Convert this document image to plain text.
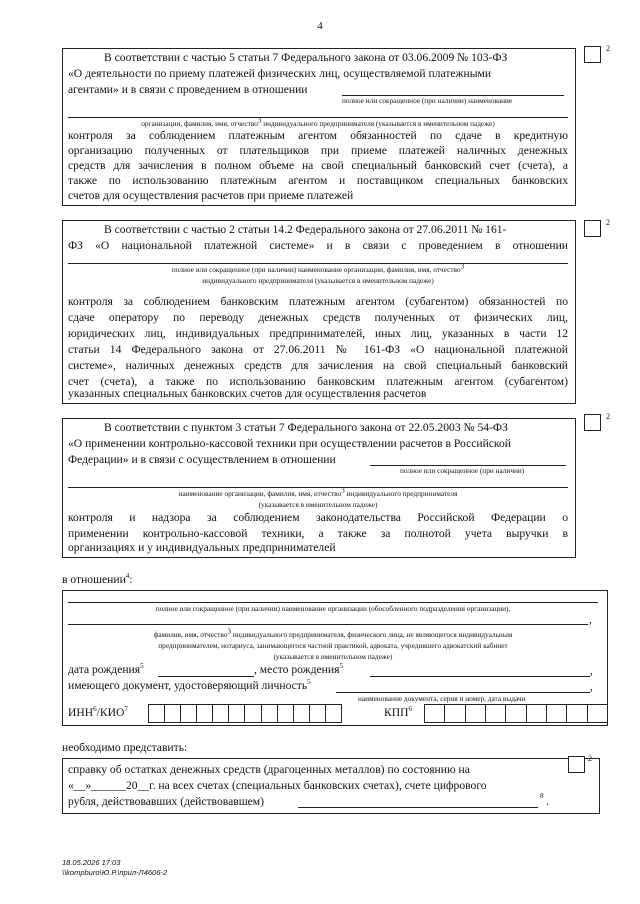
4
В соответствии с частью 5 статьи 7 Федерального закона от 03.06.2009 № 103-ФЗ
«О деятельности по приему платежей физических лиц, осуществляемой платежными
агентами» и в связи с проведением в отношении
полное или сокращенное (при наличии) наименование
организации, фамилия, имя, отчество$^3$ индивидуального предпринимателя (указывается в именительном падеже)
контроля за соблюдением платежным агентом обязанностей по сдаче в кредитную
организацию полученных от плательщиков при приеме платежей наличных денежных
средств для зачисления в полном объеме на свой специальный банковский счет (счета), а
также по использованию платежным агентом и поставщиком специальных банковских
счетов для осуществления расчетов при приеме платежей
2
В соответствии с частью 2 статьи 14.2 Федерального закона от 27.06.2011 № 161-
ФЗ «О национальной платежной системе» и в связи с проведением в отношении
полное или сокращенное (при наличии) наименование организации, фамилия, имя, отчество$^3$
индивидуального предпринимателя (указывается в именительном падеже)
контроля за соблюдением банковским платежным агентом (субагентом) обязанностей по
сдаче оператору по переводу денежных средств полученных от физических лиц,
юридических лиц, индивидуальных предпринимателей, иных лиц, указанных в части 12
статьи 14 Федерального закона от 27.06.2011 № 161-ФЗ «О национальной платежной
системе», наличных денежных средств для зачисления на свой специальный банковский
счет (счета), а также по использованию банковским платежным агентом (субагентом)
указанных специальных банковских счетов для осуществления расчетов
2
В соответствии с пунктом 3 статьи 7 Федерального закона от 22.05.2003 № 54-ФЗ
«О применении контрольно-кассовой техники при осуществлении расчетов в Российской
Федерации» и в связи с осуществлением в отношении
полное или сокращенное (при наличии)
наименование организации, фамилия, имя, отчество$^3$ индивидуального предпринимателя
(указывается в именительном падеже)
контроля и надзора за соблюдением законодательства Российской Федерации о
применении контрольно-кассовой техники, а также за полнотой учета выручки в
организациях и у индивидуальных предпринимателей
2
в отношении$^4$:
полное или сокращенное (при наличии) наименование организации (обособленного подразделения организации),
,
фамилия, имя, отчество$^3$ индивидуального предпринимателя, физического лица, не являющегося индивидуальным
предпринимателем, нотариуса, занимающегося частной практикой, адвоката, учредившего адвокатский кабинет
(указывается в именительном падеже)
дата рождения$^5$	, место рождения$^5$	,
имеющего документ, удостоверяющий личность$^5$	,
наименование документа, серия и номер, дата выдачи
ИНН$^6$/КИО$^7$	КПП$^6$
необходимо представить:
справку об остатках денежных средств (драгоценных металлов) по состоянию на
«__»______20__г. на всех счетах (специальных банковских счетах), счете цифрового
рубля, действовавших (действовавшем)	8 .
2
18.05.2026 17:03
\\kompburo\Ю.Р.\прил-Л4606-2
